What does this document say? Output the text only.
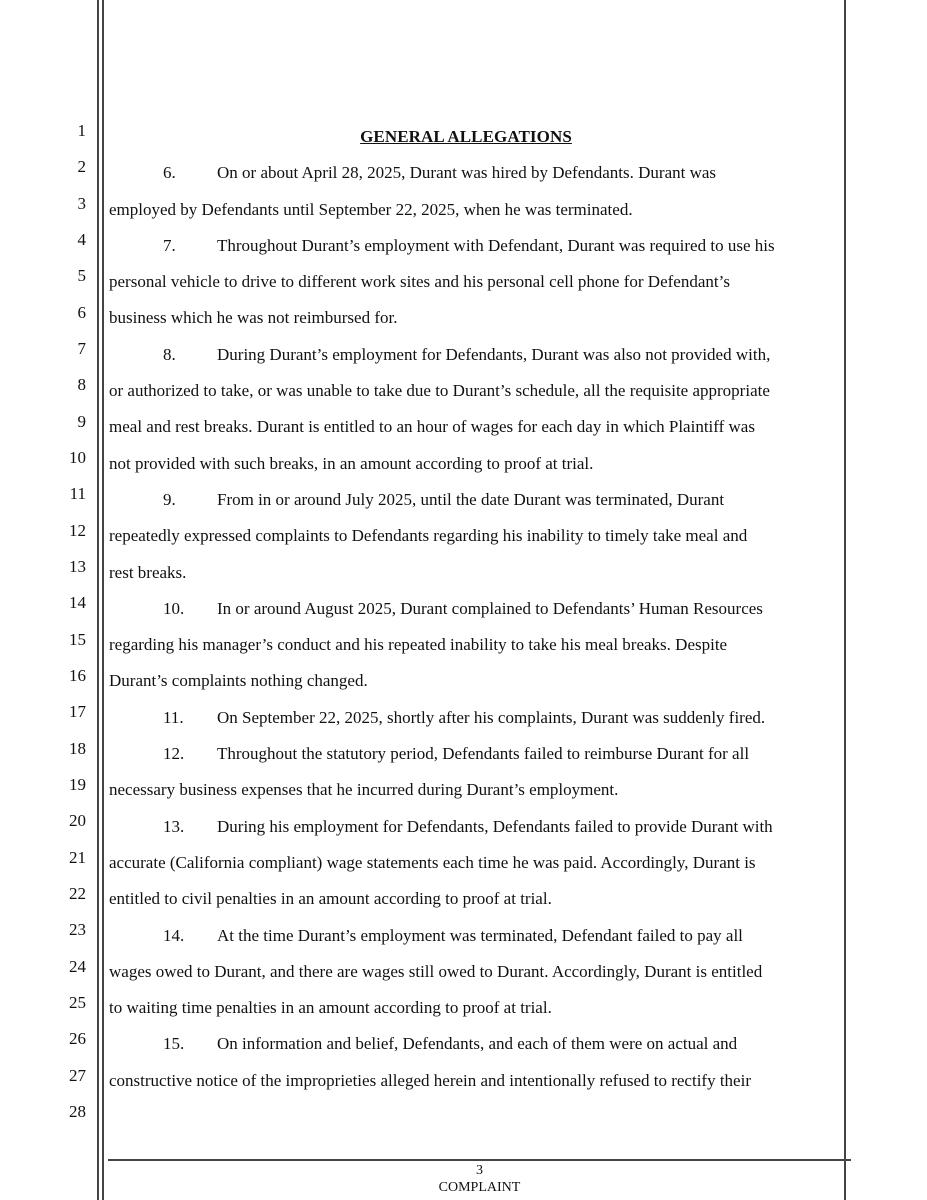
1
2
3
4
5
6
7
8
9
10
11
12
13
14
15
16
17
18
19
20
21
22
23
24
25
26
27
28
GENERAL ALLEGATIONS
6. On or about April 28, 2025, Durant was hired by Defendants. Durant was
employed by Defendants until September 22, 2025, when he was terminated.
7. Throughout Durant’s employment with Defendant, Durant was required to use his
personal vehicle to drive to different work sites and his personal cell phone for Defendant’s
business which he was not reimbursed for.
8. During Durant’s employment for Defendants, Durant was also not provided with,
or authorized to take, or was unable to take due to Durant’s schedule, all the requisite appropriate
meal and rest breaks. Durant is entitled to an hour of wages for each day in which Plaintiff was
not provided with such breaks, in an amount according to proof at trial.
9. From in or around July 2025, until the date Durant was terminated, Durant
repeatedly expressed complaints to Defendants regarding his inability to timely take meal and
rest breaks.
10. In or around August 2025, Durant complained to Defendants’ Human Resources
regarding his manager’s conduct and his repeated inability to take his meal breaks. Despite
Durant’s complaints nothing changed.
11. On September 22, 2025, shortly after his complaints, Durant was suddenly fired.
12. Throughout the statutory period, Defendants failed to reimburse Durant for all
necessary business expenses that he incurred during Durant’s employment.
13. During his employment for Defendants, Defendants failed to provide Durant with
accurate (California compliant) wage statements each time he was paid. Accordingly, Durant is
entitled to civil penalties in an amount according to proof at trial.
14. At the time Durant’s employment was terminated, Defendant failed to pay all
wages owed to Durant, and there are wages still owed to Durant. Accordingly, Durant is entitled
to waiting time penalties in an amount according to proof at trial.
15. On information and belief, Defendants, and each of them were on actual and
constructive notice of the improprieties alleged herein and intentionally refused to rectify their
3
COMPLAINT
